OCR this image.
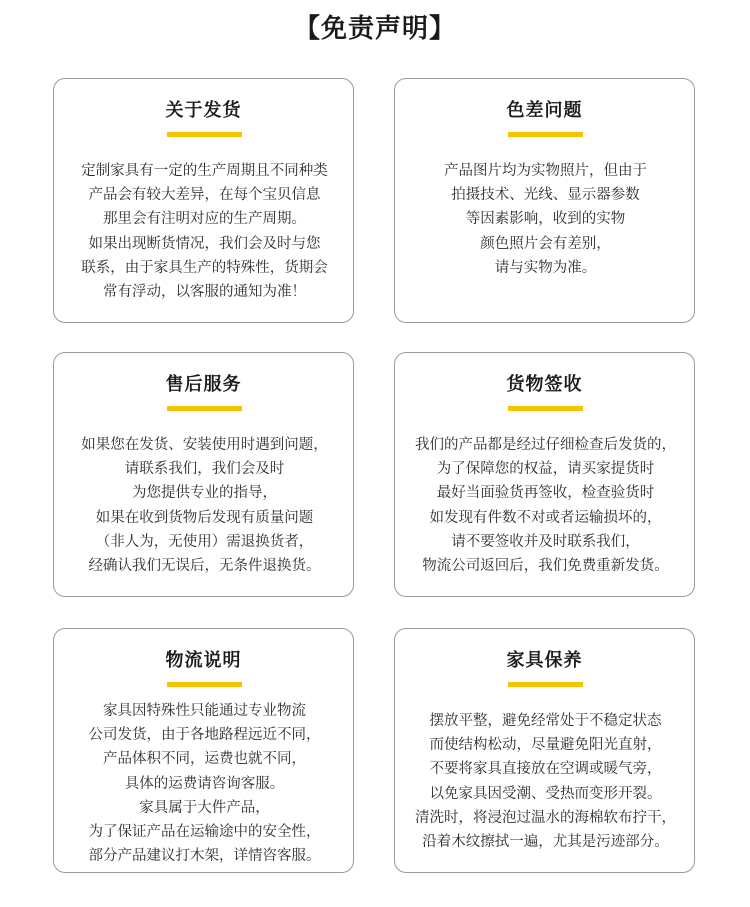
【免责声明】
关于发货
定制家具有一定的生产周期且不同种类
产品会有较大差异，在每个宝贝信息
那里会有注明对应的生产周期。
如果出现断货情况，我们会及时与您
联系，由于家具生产的特殊性，货期会
常有浮动，以客服的通知为准！
色差问题
产品图片均为实物照片，但由于
拍摄技术、光线、显示器参数
等因素影响，收到的实物
颜色照片会有差别，
请与实物为准。
售后服务
如果您在发货、安装使用时遇到问题，
请联系我们，我们会及时
为您提供专业的指导，
如果在收到货物后发现有质量问题
（非人为，无使用）需退换货者，
经确认我们无误后，无条件退换货。
货物签收
我们的产品都是经过仔细检查后发货的，
为了保障您的权益，请买家提货时
最好当面验货再签收，检查验货时
如发现有件数不对或者运输损坏的，
请不要签收并及时联系我们，
物流公司返回后，我们免费重新发货。
物流说明
家具因特殊性只能通过专业物流
公司发货，由于各地路程远近不同，
产品体积不同，运费也就不同，
具体的运费请咨询客服。
家具属于大件产品，
为了保证产品在运输途中的安全性，
部分产品建议打木架，详情咨客服。
家具保养
摆放平整，避免经常处于不稳定状态
而使结构松动，尽量避免阳光直射，
不要将家具直接放在空调或暖气旁，
以免家具因受潮、受热而变形开裂。
清洗时，将浸泡过温水的海棉软布拧干，
沿着木纹擦拭一遍，尤其是污迹部分。
